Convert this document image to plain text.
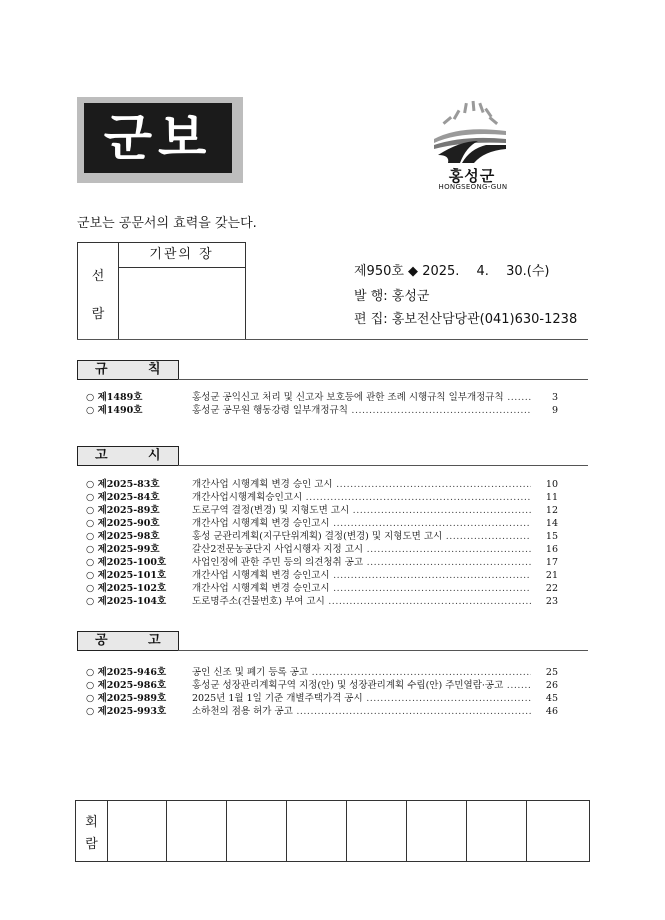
군보
홍성군
HONGSEONG-GUN
군보는 공문서의 효력을 갖는다.
선
람
기관의 장
제950호 ◆ 2025.　 4.　 30.(수)
발 행: 홍성군
편 집: 홍보전산담당관(041)630-1238
규	칙
○ 제1489호	홍성군 공익신고 처리 및 신고자 보호등에 관한 조례 시행규칙 일부개정규칙 .....	3
○ 제1490호	홍성군 공무원 행동강령 일부개정규칙 .....	9
고	시
○ 제2025-83호	개간사업 시행계획 변경 승인 고시 .....	10
○ 제2025-84호	개간사업시행계획승인고시 .....	11
○ 제2025-89호	도로구역 결정(변경) 및 지형도면 고시 .....	12
○ 제2025-90호	개간사업 시행계획 변경 승인고시 .....	14
○ 제2025-98호	홍성 군관리계획(지구단위계획) 결정(변경) 및 지형도면 고시 .....	15
○ 제2025-99호	갈산2전문농공단지 사업시행자 지정 고시 .....	16
○ 제2025-100호	사업인정에 관한 주민 등의 의견청취 공고 .....	17
○ 제2025-101호	개간사업 시행계획 변경 승인고시 .....	21
○ 제2025-102호	개간사업 시행계획 변경 승인고시 .....	22
○ 제2025-104호	도로명주소(건물번호) 부여 고시 .....	23
공	고
○ 제2025-946호	공인 신조 및 폐기 등록 공고 .....	25
○ 제2025-986호	홍성군 성장관리계획구역 지정(안) 및 성장관리계획 수립(안) 주민열람·공고 .....	26
○ 제2025-989호	2025년 1월 1일 기준 개별주택가격 공시 .....	45
○ 제2025-993호	소하천의 점용 허가 공고 .....	46
회
람
